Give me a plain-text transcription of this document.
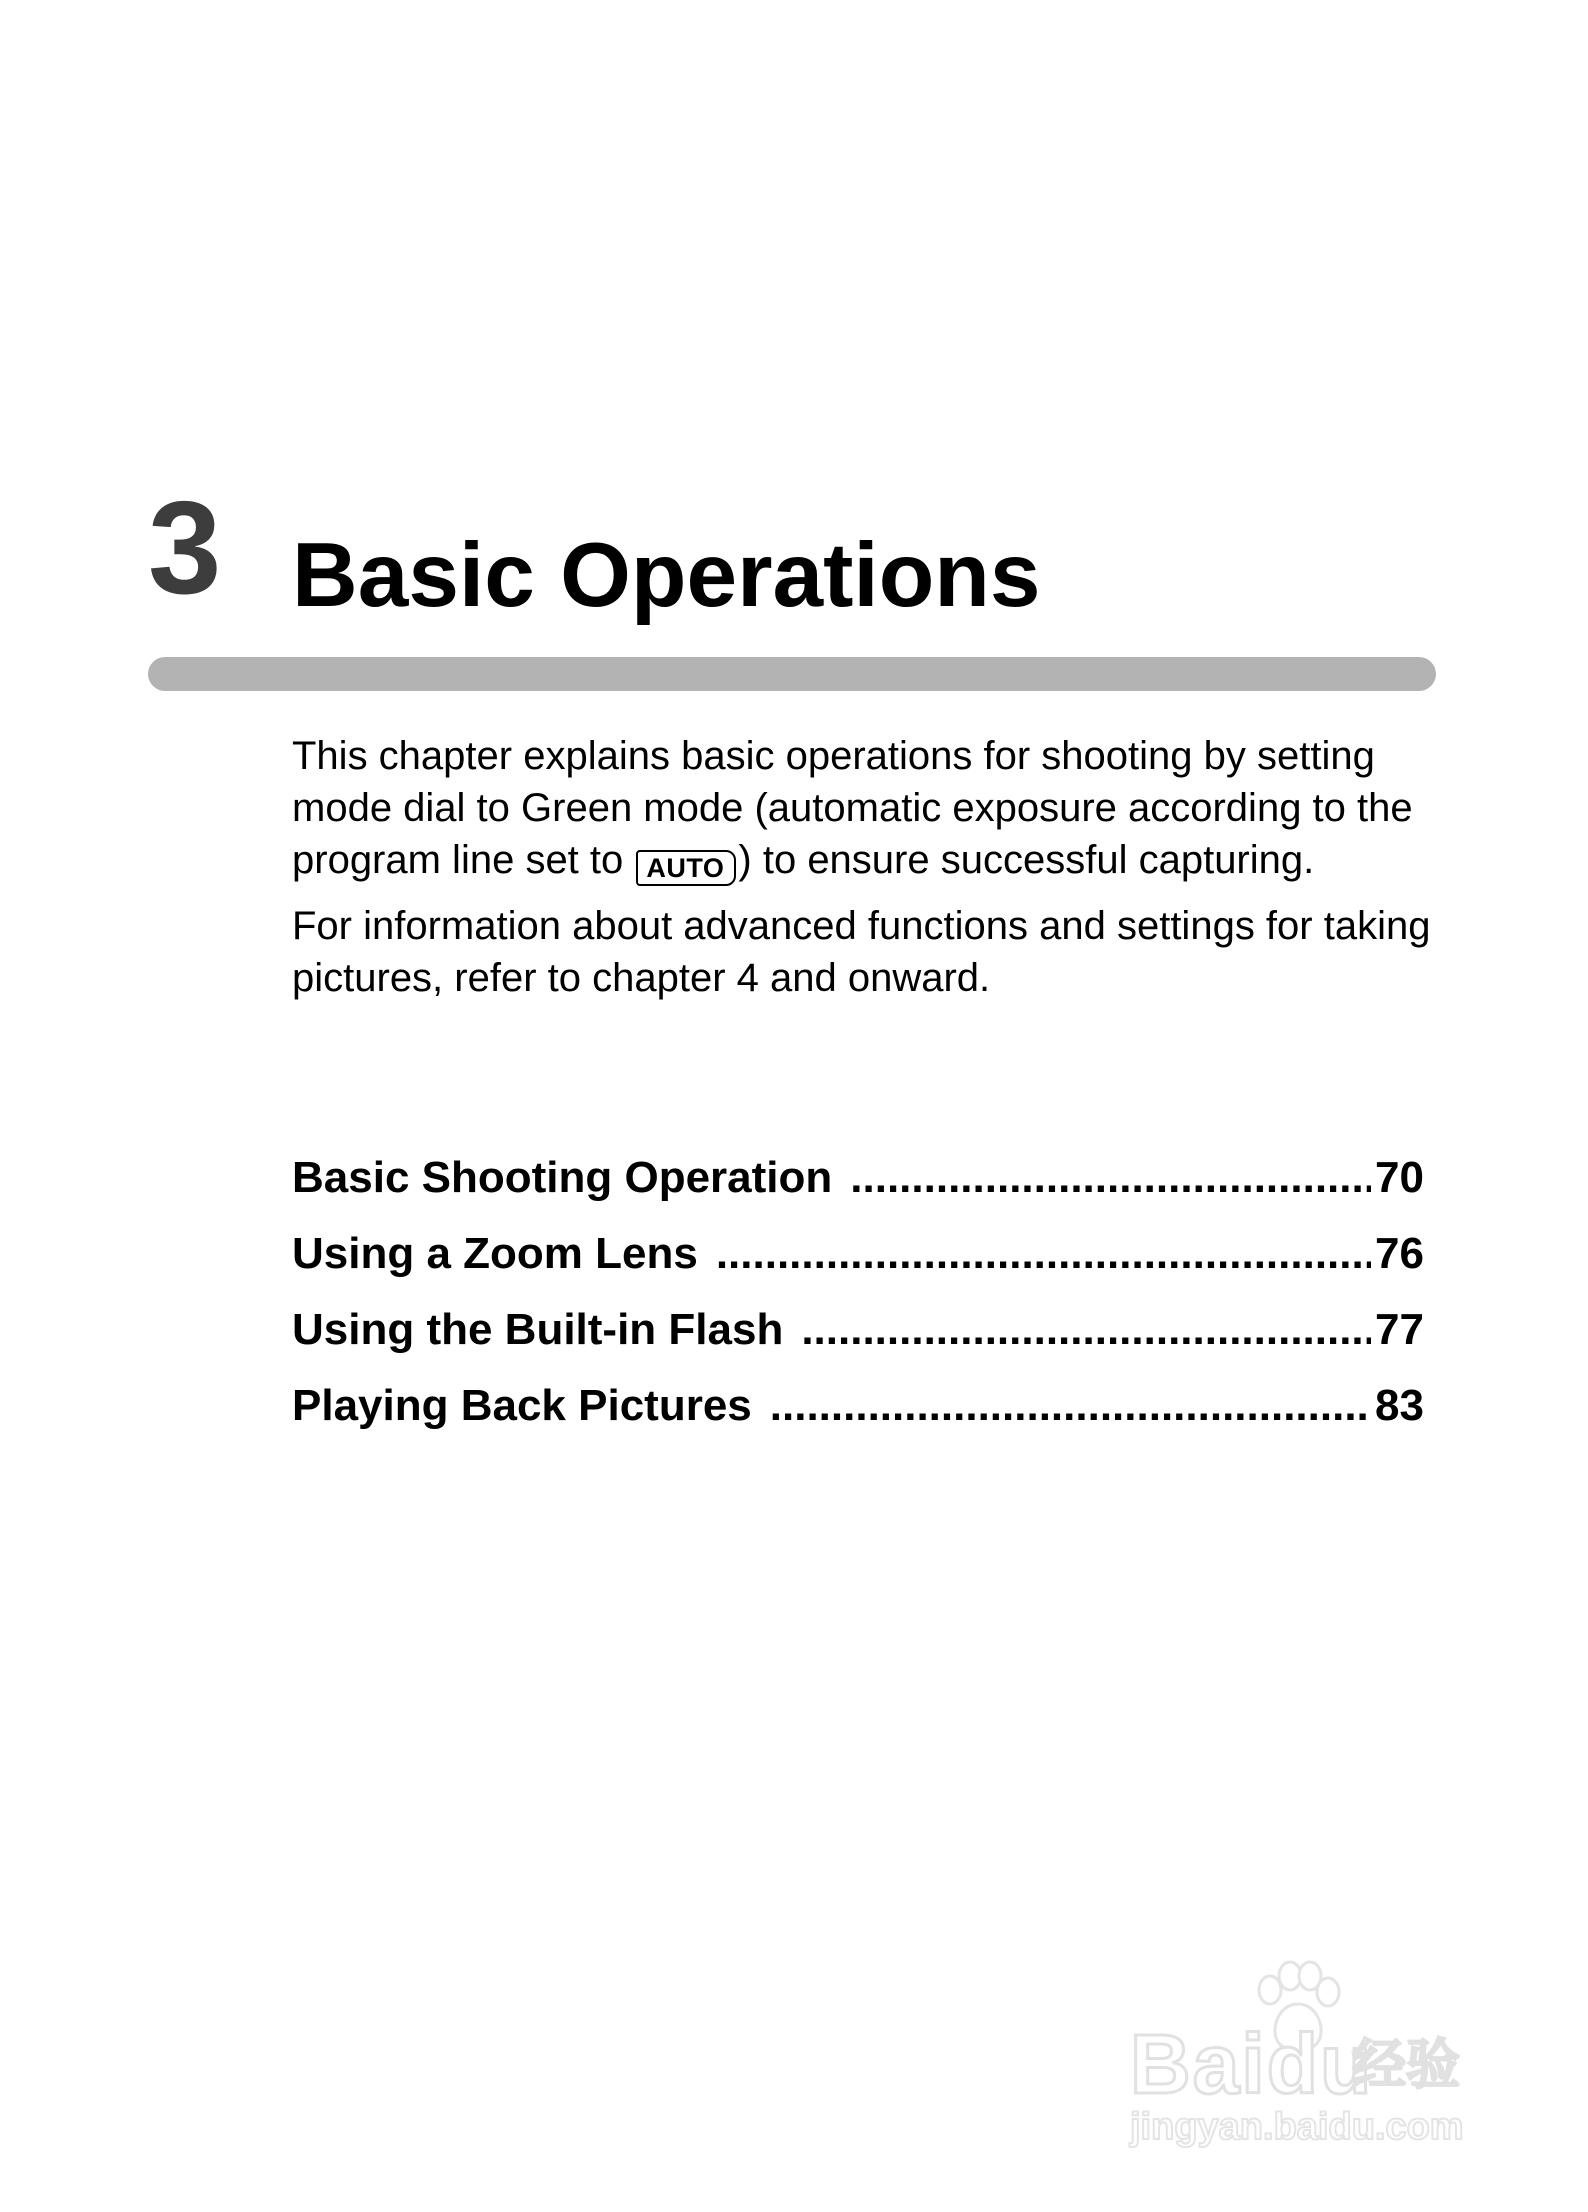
3 Basic Operations

This chapter explains basic operations for shooting by setting mode dial to Green mode (automatic exposure according to the program line set to AUTO ) to ensure successful capturing.

For information about advanced functions and settings for taking pictures, refer to chapter 4 and onward.

Basic Shooting Operation .....	70
Using a Zoom Lens .....	76
Using the Built-in Flash .....	77
Playing Back Pictures .....	83
Baidu
经验
jingyan.baidu.com
